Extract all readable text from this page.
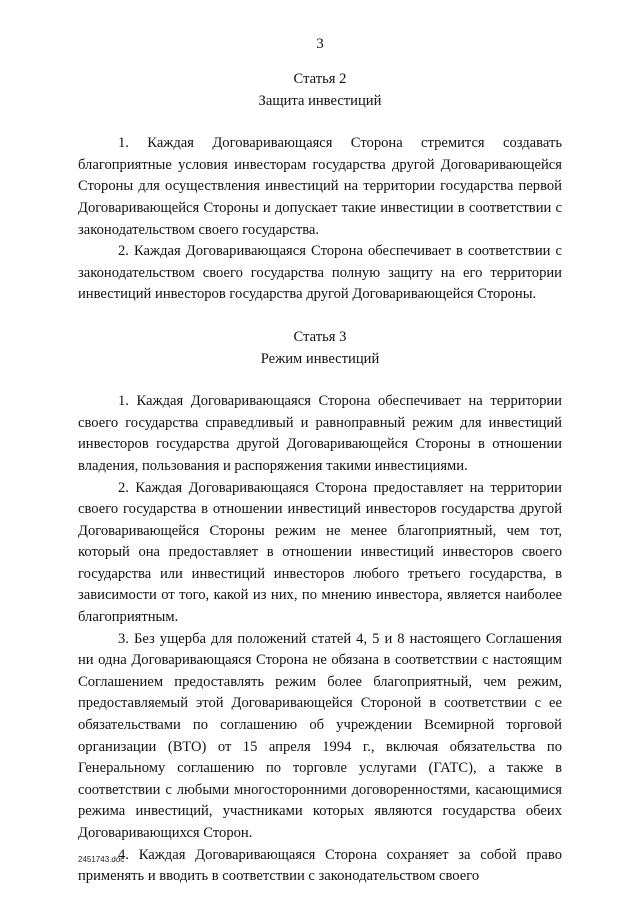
3

Статья 2

Защита инвестиций

1. Каждая Договаривающаяся Сторона стремится создавать благоприятные условия инвесторам государства другой Договаривающейся Стороны для осуществления инвестиций на территории государства первой Договаривающейся Стороны и допускает такие инвестиции в соответствии с законодательством своего государства.

2. Каждая Договаривающаяся Сторона обеспечивает в соответствии с законодательством своего государства полную защиту на его территории инвестиций инвесторов государства другой Договаривающейся Стороны.

Статья 3

Режим инвестиций

1. Каждая Договаривающаяся Сторона обеспечивает на территории своего государства справедливый и равноправный режим для инвестиций инвесторов государства другой Договаривающейся Стороны в отношении владения, пользования и распоряжения такими инвестициями.

2. Каждая Договаривающаяся Сторона предоставляет на территории своего государства в отношении инвестиций инвесторов государства другой Договаривающейся Стороны режим не менее благоприятный, чем тот, который она предоставляет в отношении инвестиций инвесторов своего государства или инвестиций инвесторов любого третьего государства, в зависимости от того, какой из них, по мнению инвестора, является наиболее благоприятным.

3. Без ущерба для положений статей 4, 5 и 8 настоящего Соглашения ни одна Договаривающаяся Сторона не обязана в соответствии с настоящим Соглашением предоставлять режим более благоприятный, чем режим, предоставляемый этой Договаривающейся Стороной в соответствии с ее обязательствами по соглашению об учреждении Всемирной торговой организации (ВТО) от 15 апреля 1994 г., включая обязательства по Генеральному соглашению по торговле услугами (ГАТС), а также в соответствии с любыми многосторонними договоренностями, касающимися режима инвестиций, участниками которых являются государства обеих Договаривающихся Сторон.

4. Каждая Договаривающаяся Сторона сохраняет за собой право применять и вводить в соответствии с законодательством своего

2451743.doc
